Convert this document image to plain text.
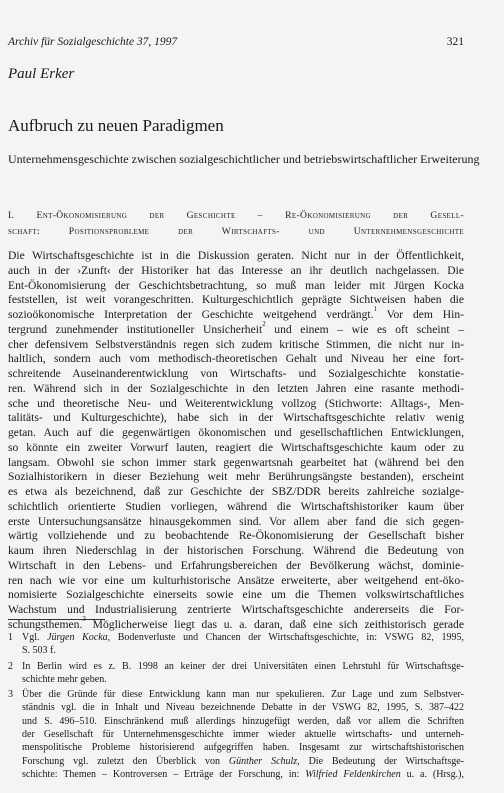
Archiv für Sozialgeschichte 37, 1997	321
Paul Erker
Aufbruch zu neuen Paradigmen
Unternehmensgeschichte zwischen sozialgeschichtlicher und betriebswirtschaftlicher Erweiterung
I. Ent-Ökonomisierung der Geschichte – Re-Ökonomisierung der Gesell-
schaft: Positionsprobleme der Wirtschafts- und Unternehmensgeschichte
Die Wirtschaftsgeschichte ist in die Diskussion geraten. Nicht nur in der Öffentlichkeit,
auch in der ›Zunft‹ der Historiker hat das Interesse an ihr deutlich nachgelassen. Die
Ent-Ökonomisierung der Geschichtsbetrachtung, so muß man leider mit Jürgen Kocka
feststellen, ist weit vorangeschritten. Kulturgeschichtlich geprägte Sichtweisen haben die
sozioökonomische Interpretation der Geschichte weitgehend verdrängt.$^1$ Vor dem Hin-
tergrund zunehmender institutioneller Unsicherheit$^2$ und einem – wie es oft scheint –
cher defensivem Selbstverständnis regen sich zudem kritische Stimmen, die nicht nur in-
haltlich, sondern auch vom methodisch-theoretischen Gehalt und Niveau her eine fort-
schreitende Auseinanderentwicklung von Wirtschafts- und Sozialgeschichte konstatie-
ren. Während sich in der Sozialgeschichte in den letzten Jahren eine rasante methodi-
sche und theoretische Neu- und Weiterentwicklung vollzog (Stichworte: Alltags-, Men-
talitäts- und Kulturgeschichte), habe sich in der Wirtschaftsgeschichte relativ wenig
getan. Auch auf die gegenwärtigen ökonomischen und gesellschaftlichen Entwicklungen,
so könnte ein zweiter Vorwurf lauten, reagiert die Wirtschaftsgeschichte kaum oder zu
langsam. Obwohl sie schon immer stark gegenwartsnah gearbeitet hat (während bei den
Sozialhistorikern in dieser Beziehung weit mehr Berührungsängste bestanden), erscheint
es etwa als bezeichnend, daß zur Geschichte der SBZ/DDR bereits zahlreiche sozialge-
schichtlich orientierte Studien vorliegen, während die Wirtschaftshistoriker kaum über
erste Untersuchungsansätze hinausgekommen sind. Vor allem aber fand die sich gegen-
wärtig vollziehende und zu beobachtende Re-Ökonomisierung der Gesellschaft bisher
kaum ihren Niederschlag in der historischen Forschung. Während die Bedeutung von
Wirtschaft in den Lebens- und Erfahrungsbereichen der Bevölkerung wächst, dominie-
ren nach wie vor eine um kulturhistorische Ansätze erweiterte, aber weitgehend ent-öko-
nomisierte Sozialgeschichte einerseits sowie eine um die Themen volkswirtschaftliches
Wachstum und Industrialisierung zentrierte Wirtschaftsgeschichte andererseits die For-
schungsthemen.$^3$ Möglicherweise liegt das u. a. daran, daß eine sich zeithistorisch gerade
1 Vgl. Jürgen Kocka, Bodenverluste und Chancen der Wirtschaftsgeschichte, in: VSWG 82, 1995,
S. 503 f.
2 In Berlin wird es z. B. 1998 an keiner der drei Universitäten einen Lehrstuhl für Wirtschaftsge-
schichte mehr geben.
3 Über die Gründe für diese Entwicklung kann man nur spekulieren. Zur Lage und zum Selbstver-
ständnis vgl. die in Inhalt und Niveau bezeichnende Debatte in der VSWG 82, 1995, S. 387–422
und S. 496–510. Einschränkend muß allerdings hinzugefügt werden, daß vor allem die Schriften
der Gesellschaft für Unternehmensgeschichte immer wieder aktuelle wirtschafts- und unterneh-
menspolitische Probleme historisierend aufgegriffen haben. Insgesamt zur wirtschaftshistorischen
Forschung vgl. zuletzt den Überblick von Günther Schulz, Die Bedeutung der Wirtschaftsge-
schichte: Themen – Kontroversen – Erträge der Forschung, in: Wilfried Feldenkirchen u. a. (Hrsg.),
